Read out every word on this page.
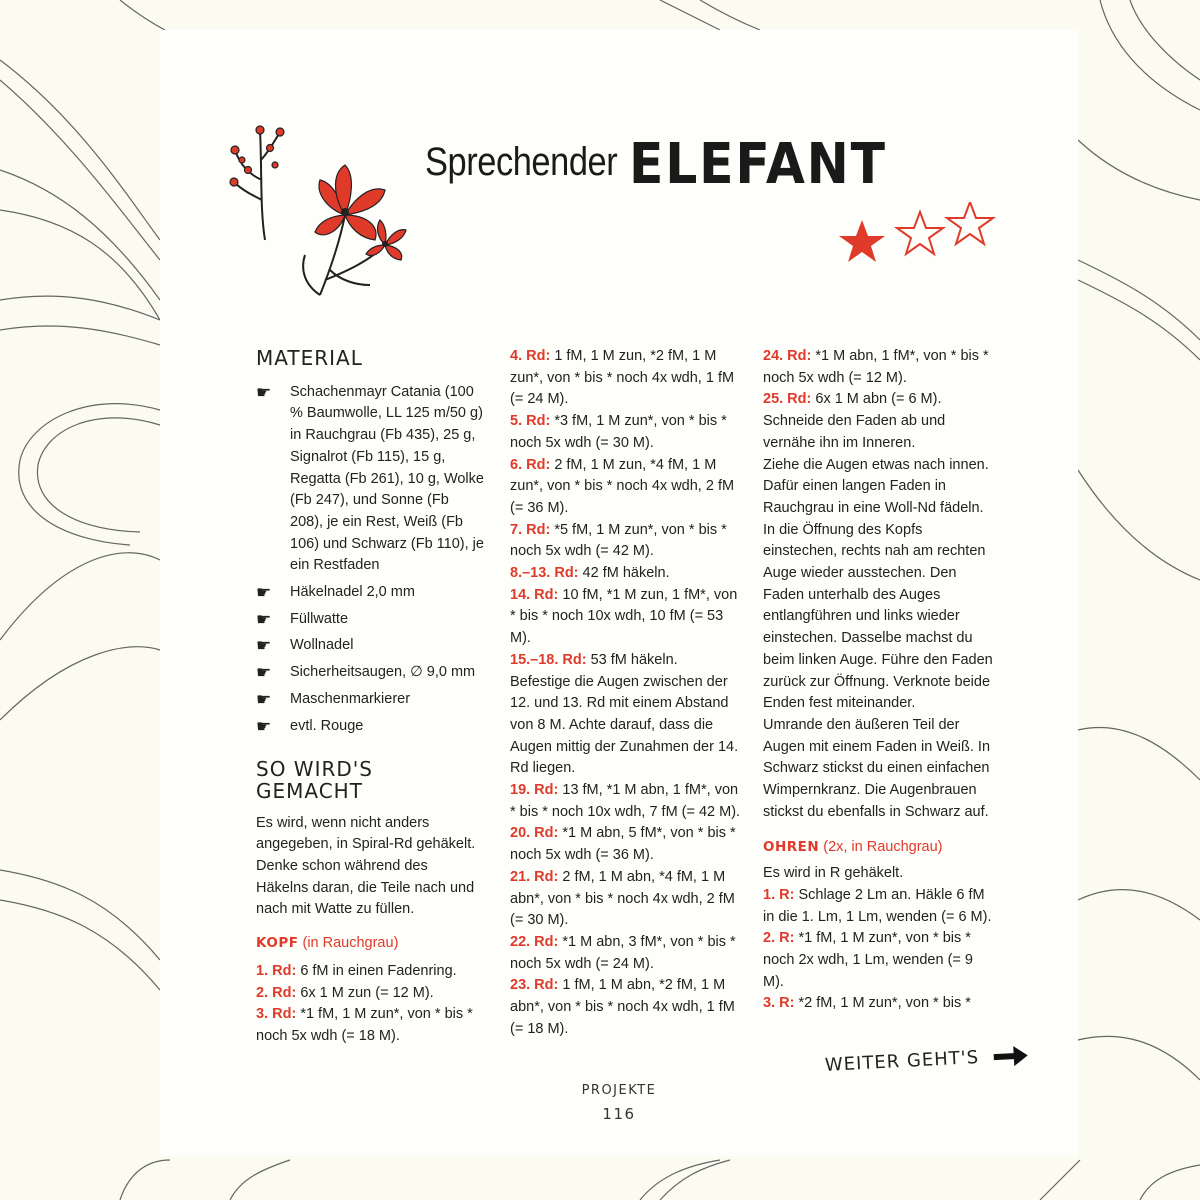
Sprechender ELEFANT
MATERIAL
☛ Schachenmayr Catania (100 % Baumwolle, LL 125 m/50 g) in Rauchgrau (Fb 435), 25 g, Signalrot (Fb 115), 15 g, Regatta (Fb 261), 10 g, Wolke (Fb 247), und Sonne (Fb 208), je ein Rest, Weiß (Fb 106) und Schwarz (Fb 110), je ein Restfaden
☛ Häkelnadel 2,0 mm
☛ Füllwatte
☛ Wollnadel
☛ Sicherheitsaugen, ∅ 9,0 mm
☛ Maschenmarkierer
☛ evtl. Rouge
SO WIRD'S GEMACHT

Es wird, wenn nicht anders angegeben, in Spiral-Rd gehäkelt. Denke schon während des Häkelns daran, die Teile nach und nach mit Watte zu füllen.

KOPF (in Rauchgrau)

1. Rd: 6 fM in einen Fadenring.

2. Rd: 6x 1 M zun (= 12 M).

3. Rd: *1 fM, 1 M zun*, von * bis * noch 5x wdh (= 18 M).

4. Rd: 1 fM, 1 M zun, *2 fM, 1 M zun*, von * bis * noch 4x wdh, 1 fM (= 24 M).

5. Rd: *3 fM, 1 M zun*, von * bis * noch 5x wdh (= 30 M).

6. Rd: 2 fM, 1 M zun, *4 fM, 1 M zun*, von * bis * noch 4x wdh, 2 fM (= 36 M).

7. Rd: *5 fM, 1 M zun*, von * bis * noch 5x wdh (= 42 M).

8.–13. Rd: 42 fM häkeln.

14. Rd: 10 fM, *1 M zun, 1 fM*, von * bis * noch 10x wdh, 10 fM (= 53 M).

15.–18. Rd: 53 fM häkeln.

Befestige die Augen zwischen der 12. und 13. Rd mit einem Abstand von 8 M. Achte darauf, dass die Augen mittig der Zunahmen der 14. Rd liegen.

19. Rd: 13 fM, *1 M abn, 1 fM*, von * bis * noch 10x wdh, 7 fM (= 42 M).

20. Rd: *1 M abn, 5 fM*, von * bis * noch 5x wdh (= 36 M).

21. Rd: 2 fM, 1 M abn, *4 fM, 1 M abn*, von * bis * noch 4x wdh, 2 fM (= 30 M).

22. Rd: *1 M abn, 3 fM*, von * bis * noch 5x wdh (= 24 M).

23. Rd: 1 fM, 1 M abn, *2 fM, 1 M abn*, von * bis * noch 4x wdh, 1 fM (= 18 M).

24. Rd: *1 M abn, 1 fM*, von * bis * noch 5x wdh (= 12 M).

25. Rd: 6x 1 M abn (= 6 M).

Schneide den Faden ab und vernähe ihn im Inneren.

Ziehe die Augen etwas nach innen. Dafür einen langen Faden in Rauchgrau in eine Woll-Nd fädeln. In die Öffnung des Kopfs einstechen, rechts nah am rechten Auge wieder ausstechen. Den Faden unterhalb des Auges entlangführen und links wieder einstechen. Dasselbe machst du beim linken Auge. Führe den Faden zurück zur Öffnung. Verknote beide Enden fest miteinander.

Umrande den äußeren Teil der Augen mit einem Faden in Weiß. In Schwarz stickst du einen einfachen Wimpernkranz. Die Augenbrauen stickst du ebenfalls in Schwarz auf.

OHREN (2x, in Rauchgrau)

Es wird in R gehäkelt.

1. R: Schlage 2 Lm an. Häkle 6 fM in die 1. Lm, 1 Lm, wenden (= 6 M).

2. R: *1 fM, 1 M zun*, von * bis * noch 2x wdh, 1 Lm, wenden (= 9 M).

3. R: *2 fM, 1 M zun*, von * bis *

WEITER GEHT'S
PROJEKTE
116
